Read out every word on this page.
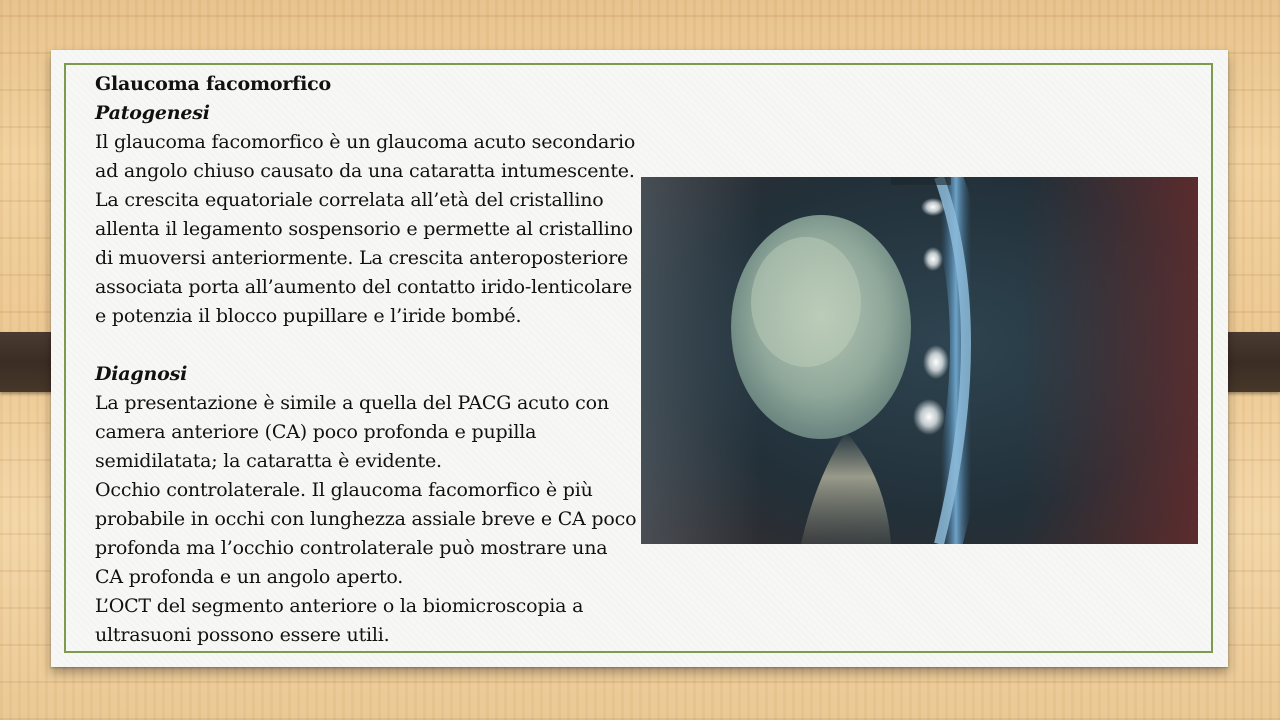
Glaucoma facomorfico

Patogenesi

Il glaucoma facomorfico è un glaucoma acuto secondario

ad angolo chiuso causato da una cataratta intumescente.

La crescita equatoriale correlata all’età del cristallino

allenta il legamento sospensorio e permette al cristallino

di muoversi anteriormente. La crescita anteroposteriore

associata porta all’aumento del contatto irido-lenticolare

e potenzia il blocco pupillare e l’iride bombé.

Diagnosi

La presentazione è simile a quella del PACG acuto con

camera anteriore (CA) poco profonda e pupilla

semidilatata; la cataratta è evidente.

Occhio controlaterale. Il glaucoma facomorfico è più

probabile in occhi con lunghezza assiale breve e CA poco

profonda ma l’occhio controlaterale può mostrare una

CA profonda e un angolo aperto.

L’OCT del segmento anteriore o la biomicroscopia a

ultrasuoni possono essere utili.
